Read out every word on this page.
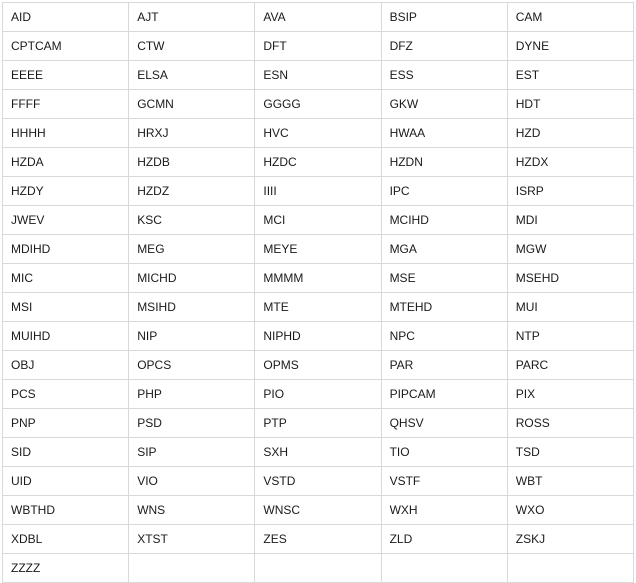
AID	AJT	AVA	BSIP	CAM
CPTCAM	CTW	DFT	DFZ	DYNE
EEEE	ELSA	ESN	ESS	EST
FFFF	GCMN	GGGG	GKW	HDT
HHHH	HRXJ	HVC	HWAA	HZD
HZDA	HZDB	HZDC	HZDN	HZDX
HZDY	HZDZ	IIII	IPC	ISRP
JWEV	KSC	MCI	MCIHD	MDI
MDIHD	MEG	MEYE	MGA	MGW
MIC	MICHD	MMMM	MSE	MSEHD
MSI	MSIHD	MTE	MTEHD	MUI
MUIHD	NIP	NIPHD	NPC	NTP
OBJ	OPCS	OPMS	PAR	PARC
PCS	PHP	PIO	PIPCAM	PIX
PNP	PSD	PTP	QHSV	ROSS
SID	SIP	SXH	TIO	TSD
UID	VIO	VSTD	VSTF	WBT
WBTHD	WNS	WNSC	WXH	WXO
XDBL	XTST	ZES	ZLD	ZSKJ
ZZZZ				
